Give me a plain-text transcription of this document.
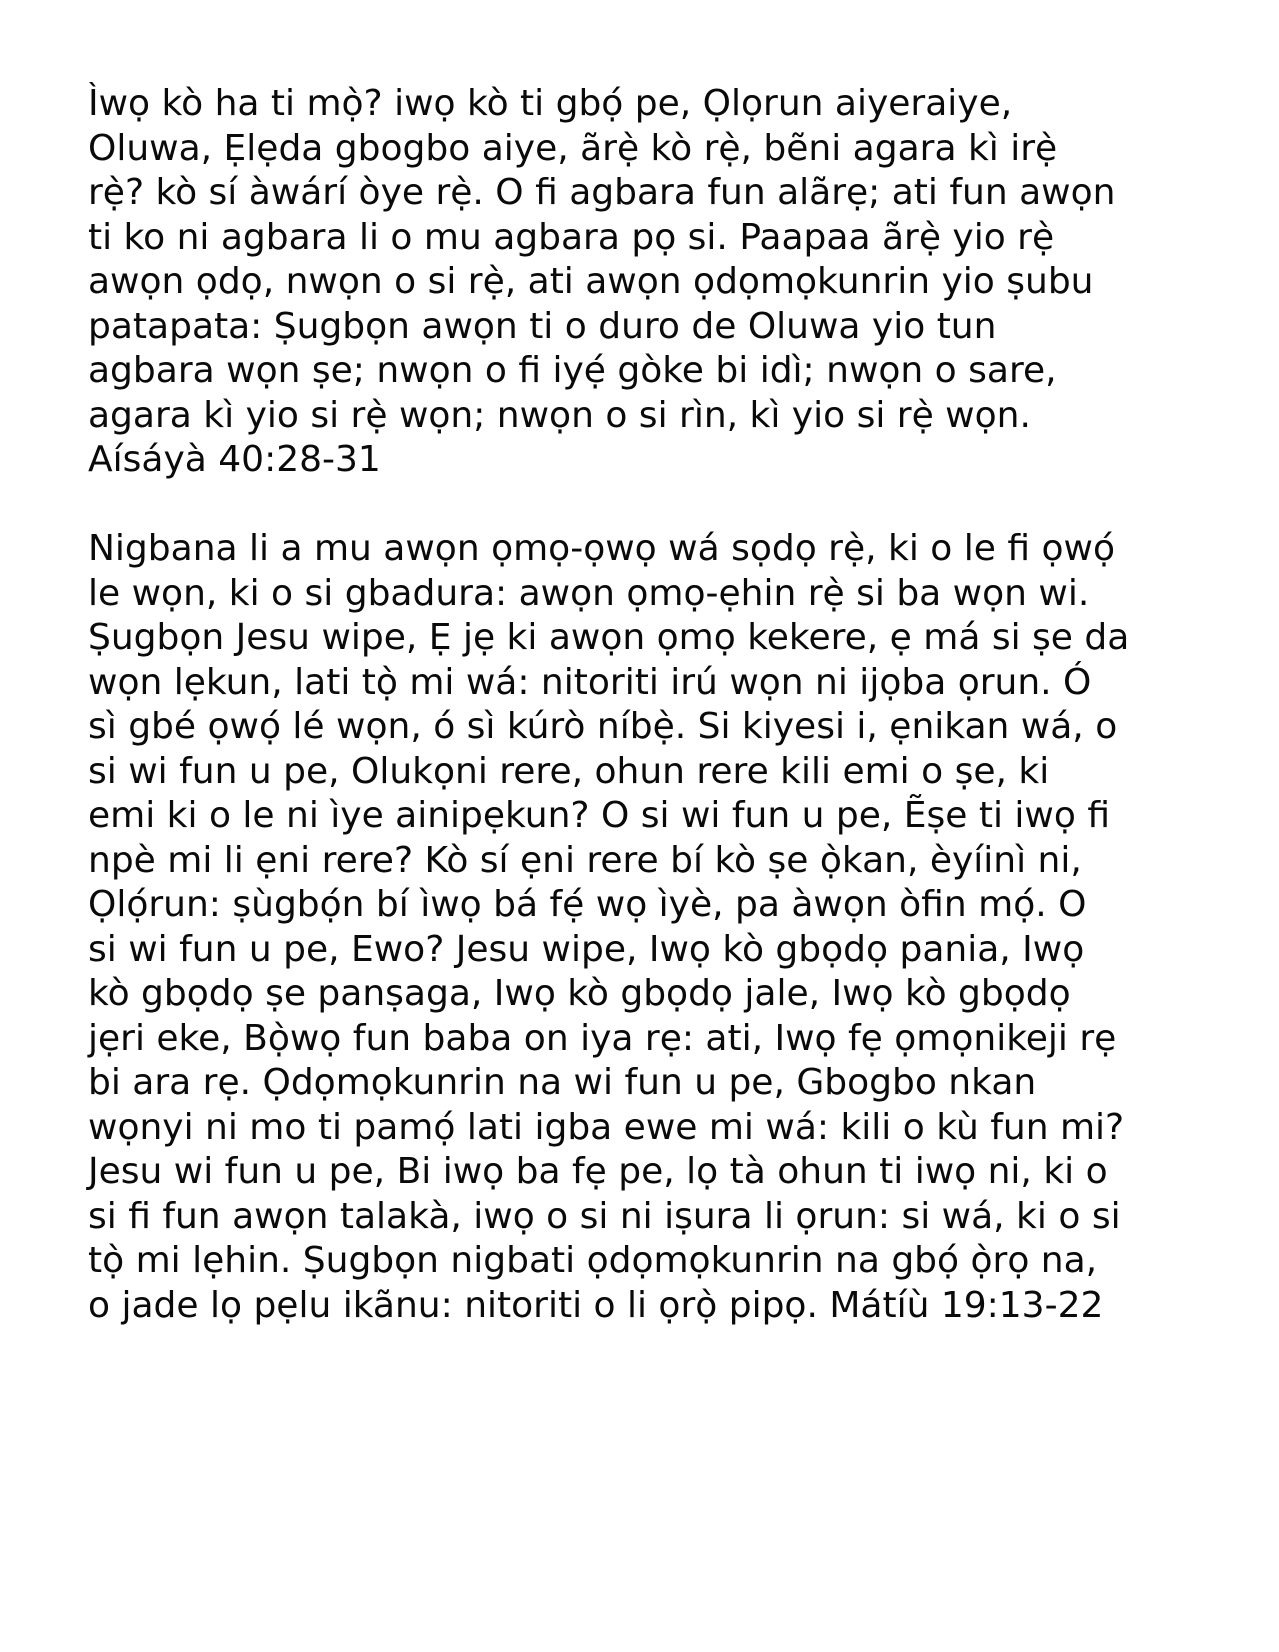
Ìwọ kò ha ti mọ̀? iwọ kò ti gbọ́ pe, Ọlọrun aiyeraiye,
Oluwa, Ẹlẹda gbogbo aiye, ãrẹ̀ kò rẹ̀, bẽni agara kì irẹ̀
rẹ̀? kò sí àwárí òye rẹ̀. O fi agbara fun alãrẹ; ati fun awọn
ti ko ni agbara li o mu agbara pọ si. Paapaa ãrẹ̀ yio rẹ̀
awọn ọdọ, nwọn o si rẹ̀, ati awọn ọdọmọkunrin yio ṣubu
patapata: Ṣugbọn awọn ti o duro de Oluwa yio tun
agbara wọn ṣe; nwọn o fi iyẹ́ gòke bi idì; nwọn o sare,
agara kì yio si rẹ̀ wọn; nwọn o si rìn, kì yio si rẹ̀ wọn.
Aísáyà 40:28-31
Nigbana li a mu awọn ọmọ-ọwọ wá sọdọ rẹ̀, ki o le fi ọwọ́
le wọn, ki o si gbadura: awọn ọmọ-ẹhin rẹ̀ si ba wọn wi.
Ṣugbọn Jesu wipe, Ẹ jẹ ki awọn ọmọ kekere, ẹ má si ṣe da
wọn lẹkun, lati tọ̀ mi wá: nitoriti irú wọn ni ijọba ọrun. Ó
sì gbé ọwọ́ lé wọn, ó sì kúrò níbẹ̀. Si kiyesi i, ẹnikan wá, o
si wi fun u pe, Olukọni rere, ohun rere kili emi o ṣe, ki
emi ki o le ni ìye ainipẹkun? O si wi fun u pe, Ẽṣe ti iwọ fi
npè mi li ẹni rere? Kò sí ẹni rere bí kò ṣe ọ̀kan, èyíinì ni,
Ọlọ́run: ṣùgbọ́n bí ìwọ bá fẹ́ wọ ìyè, pa àwọn òfin mọ́. O
si wi fun u pe, Ewo? Jesu wipe, Iwọ kò gbọdọ pania, Iwọ
kò gbọdọ ṣe panṣaga, Iwọ kò gbọdọ jale, Iwọ kò gbọdọ
jẹri eke, Bọ̀wọ fun baba on iya rẹ: ati, Iwọ fẹ ọmọnikeji rẹ
bi ara rẹ. Ọdọmọkunrin na wi fun u pe, Gbogbo nkan
wọnyi ni mo ti pamọ́ lati igba ewe mi wá: kili o kù fun mi?
Jesu wi fun u pe, Bi iwọ ba fẹ pe, lọ tà ohun ti iwọ ni, ki o
si fi fun awọn talakà, iwọ o si ni iṣura li ọrun: si wá, ki o si
tọ̀ mi lẹhin. Ṣugbọn nigbati ọdọmọkunrin na gbọ́ ọ̀rọ na,
o jade lọ pẹlu ikãnu: nitoriti o li ọrọ̀ pipọ. Mátíù 19:13-22
